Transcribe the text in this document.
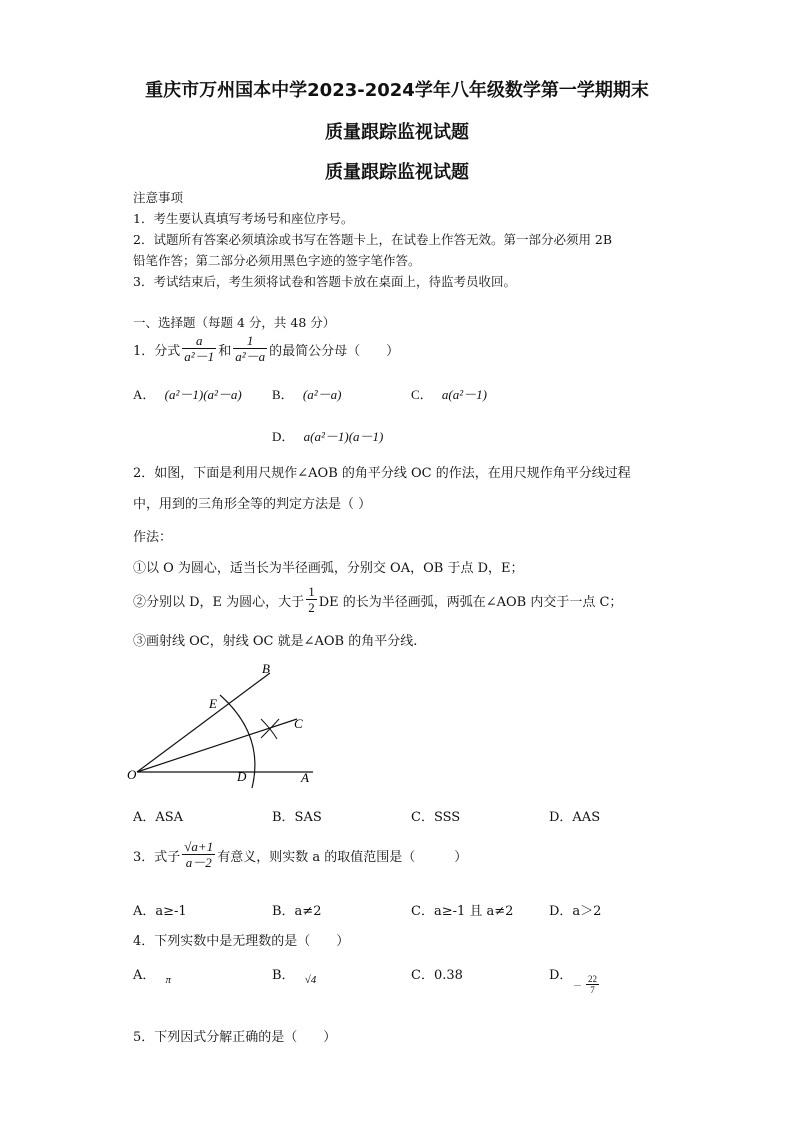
重庆市万州国本中学2023-2024学年八年级数学第一学期期末
质量跟踪监视试题
质量跟踪监视试题
注意事项
1．考生要认真填写考场号和座位序号。
2．试题所有答案必须填涂或书写在答题卡上，在试卷上作答无效。第一部分必须用 2B
铅笔作答；第二部分必须用黑色字迹的签字笔作答。
3．考试结束后，考生须将试卷和答题卡放在桌面上，待监考员收回。
一、选择题（每题 4 分，共 48 分）
1．分式 $\frac{a}{\text{a²－1}}$ 和 $\frac{1}{\text{a²－a}}$ 的最简公分母（　　）
A． (a²－1)(a²－a) B． (a²－a)	C． a(a²－1)
D． a(a²－1)(a－1)
2．如图，下面是利用尺规作∠AOB 的角平分线 OC 的作法，在用尺规作角平分线过程
中，用到的三角形全等的判定方法是（ ）
作法：
①以 O 为圆心，适当长为半径画弧，分别交 OA，OB 于点 D，E；
②分别以 D，E 为圆心，大于 $\frac{1}{2}$ DE 的长为半径画弧，两弧在∠AOB 内交于一点 C；
③画射线 OC，射线 OC 就是∠AOB 的角平分线.
O	A
B
C
D
E
A．ASA	B．SAS	C．SSS	D．AAS
3．式子 $\frac{√a+1}{a-2}$ 有意义，则实数 a 的取值范围是（　　　）
A．a≥-1	B．a≠2	C．a≥-1 且 a≠2	D．a＞2
4．下列实数中是无理数的是（　　）
A． $_\pi$	B． $_{√4}$	C．0.38	D．
－ $\frac{22}{7}$
5．下列因式分解正确的是（　　）
